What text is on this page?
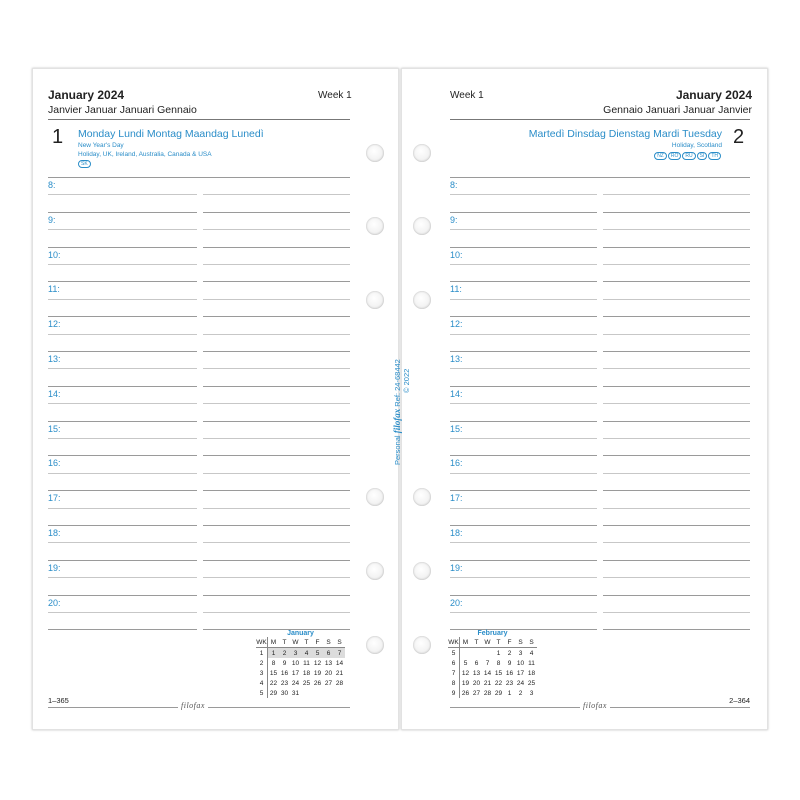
January 2024
Janvier Januar Januari Gennaio
Week 1
1 Monday Lundi Montag Maandag Lunedì
New Year's Day
Holiday, UK, Ireland, Australia, Canada & USA
SK
January 2024
Gennaio Januari Januar Janvier
Week 1
2
Martedì Dinsdag Dienstag Mardi Tuesday
Holiday, Scotland
NZ RO RU SI TH
8:
9:
10:
11:
12:
13:
14:
15:
16:
17:
18:
19:
20:
8:
9:
10:
11:
12:
13:
14:
15:
16:
17:
18:
19:
20:
Personal filofax Ref: 24-68442
© 2022
January
WK	M	T	W	T	F	S	S
1	1	2	3	4	5	6	7
2	8	9	10	11	12	13	14
3	15	16	17	18	19	20	21
4	22	23	24	25	26	27	28
5	29	30	31				
February
WK	M	T	W	T	F	S	S
5				1	2	3	4
6	5	6	7	8	9	10	11
7	12	13	14	15	16	17	18
8	19	20	21	22	23	24	25
9	26	27	28	29	1	2	3
1–365
filofax
2–364
filofax
